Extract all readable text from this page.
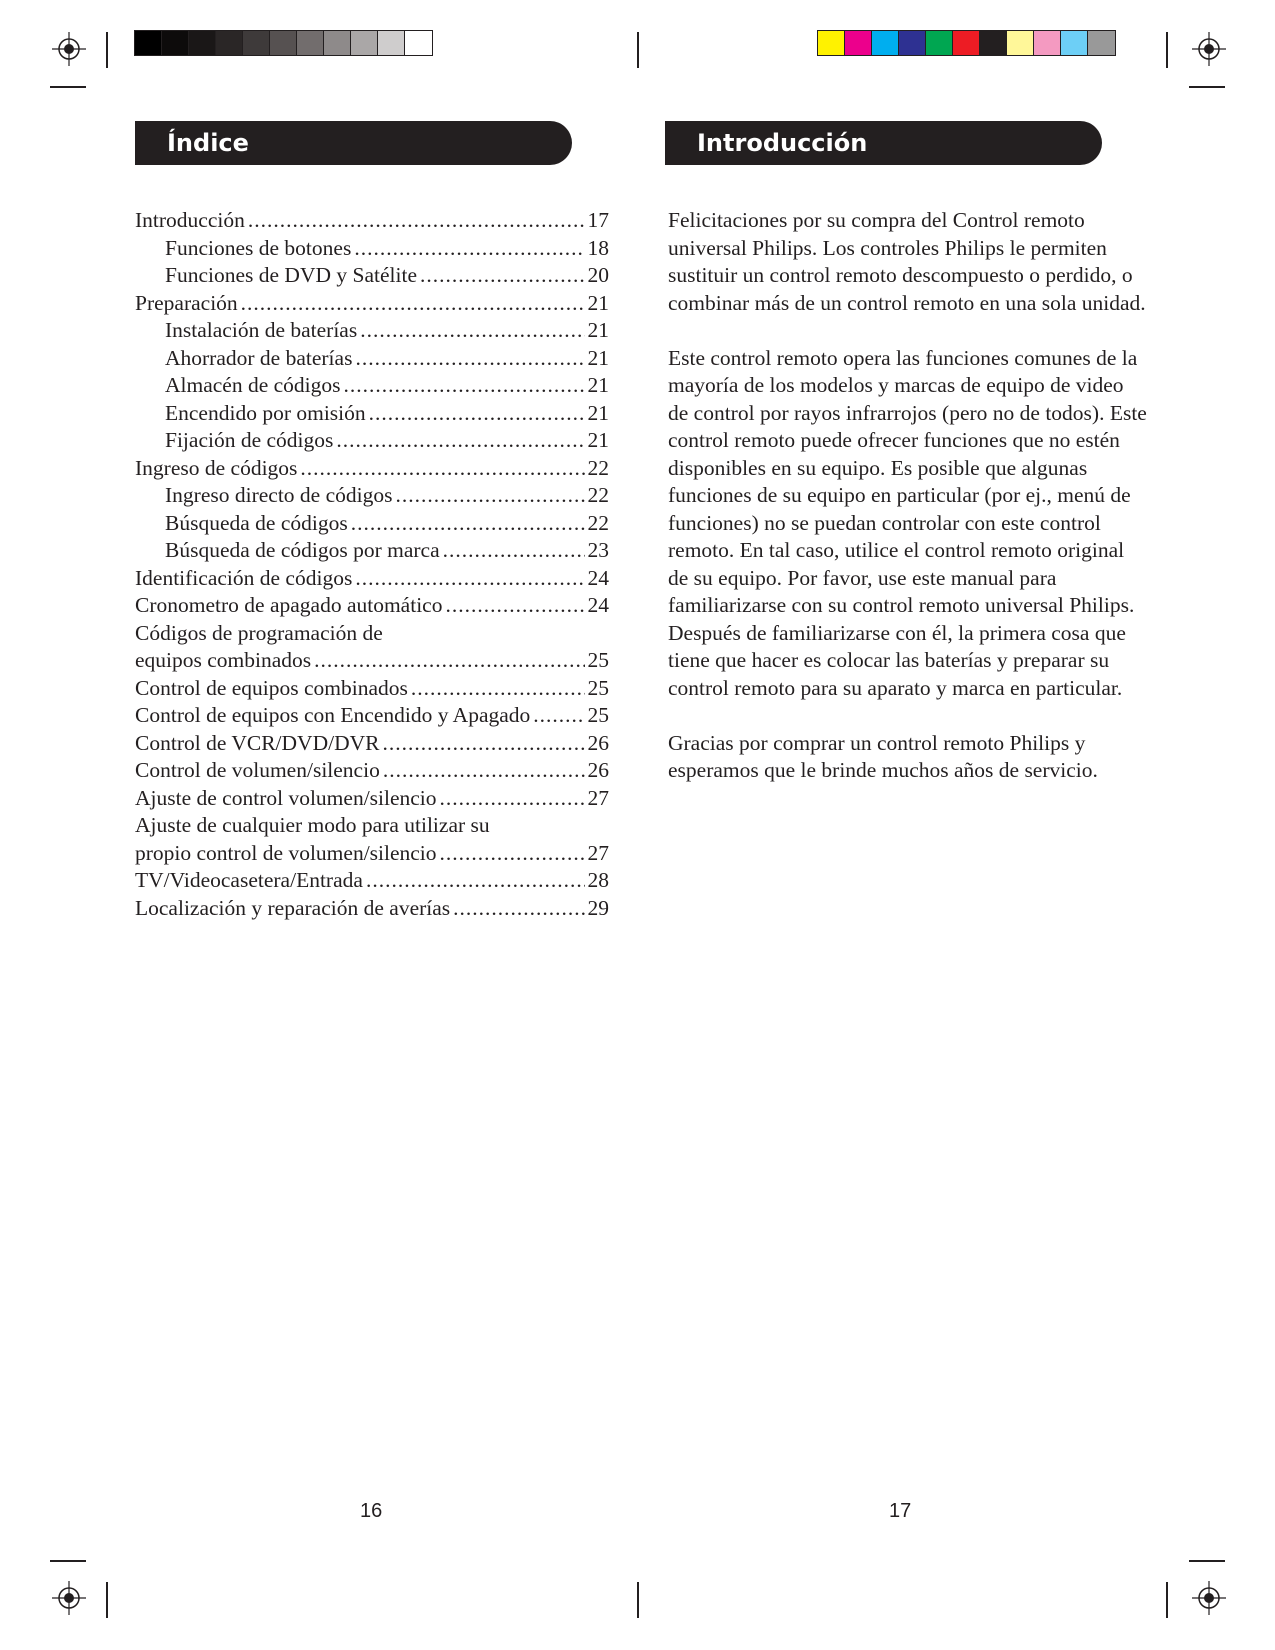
Índice
Introducción .....	17
Funciones de botones .....	18
Funciones de DVD y Satélite .....	20
Preparación .....	21
Instalación de baterías .....	21
Ahorrador de baterías .....	21
Almacén de códigos .....	21
Encendido por omisión .....	21
Fijación de códigos .....	21
Ingreso de códigos .....	22
Ingreso directo de códigos .....	22
Búsqueda de códigos .....	22
Búsqueda de códigos por marca .....	23
Identificación de códigos .....	24
Cronometro de apagado automático .....	24
Códigos de programación de
equipos combinados .....	25
Control de equipos combinados .....	25
Control de equipos con Encendido y Apagado .....	25
Control de VCR/DVD/DVR .....	26
Control de volumen/silencio .....	26
Ajuste de control volumen/silencio .....	27
Ajuste de cualquier modo para utilizar su
propio control de volumen/silencio .....	27
TV/Videocasetera/Entrada .....	28
Localización y reparación de averías .....	29
16
Introducción

Felicitaciones por su compra del Control remoto universal Philips. Los controles Philips le permiten sustituir un control remoto descompuesto o perdido, o combinar más de un control remoto en una sola unidad.

Este control remoto opera las funciones comunes de la mayoría de los modelos y marcas de equipo de video de control por rayos infrarrojos (pero no de todos). Este control remoto puede ofrecer funciones que no estén disponibles en su equipo. Es posible que algunas funciones de su equipo en particular (por ej., menú de funciones) no se puedan controlar con este control remoto. En tal caso, utilice el control remoto original de su equipo. Por favor, use este manual para familiarizarse con su control remoto universal Philips. Después de familiarizarse con él, la primera cosa que tiene que hacer es colocar las baterías y preparar su control remoto para su aparato y marca en particular.

Gracias por comprar un control remoto Philips y esperamos que le brinde muchos años de servicio.

17
